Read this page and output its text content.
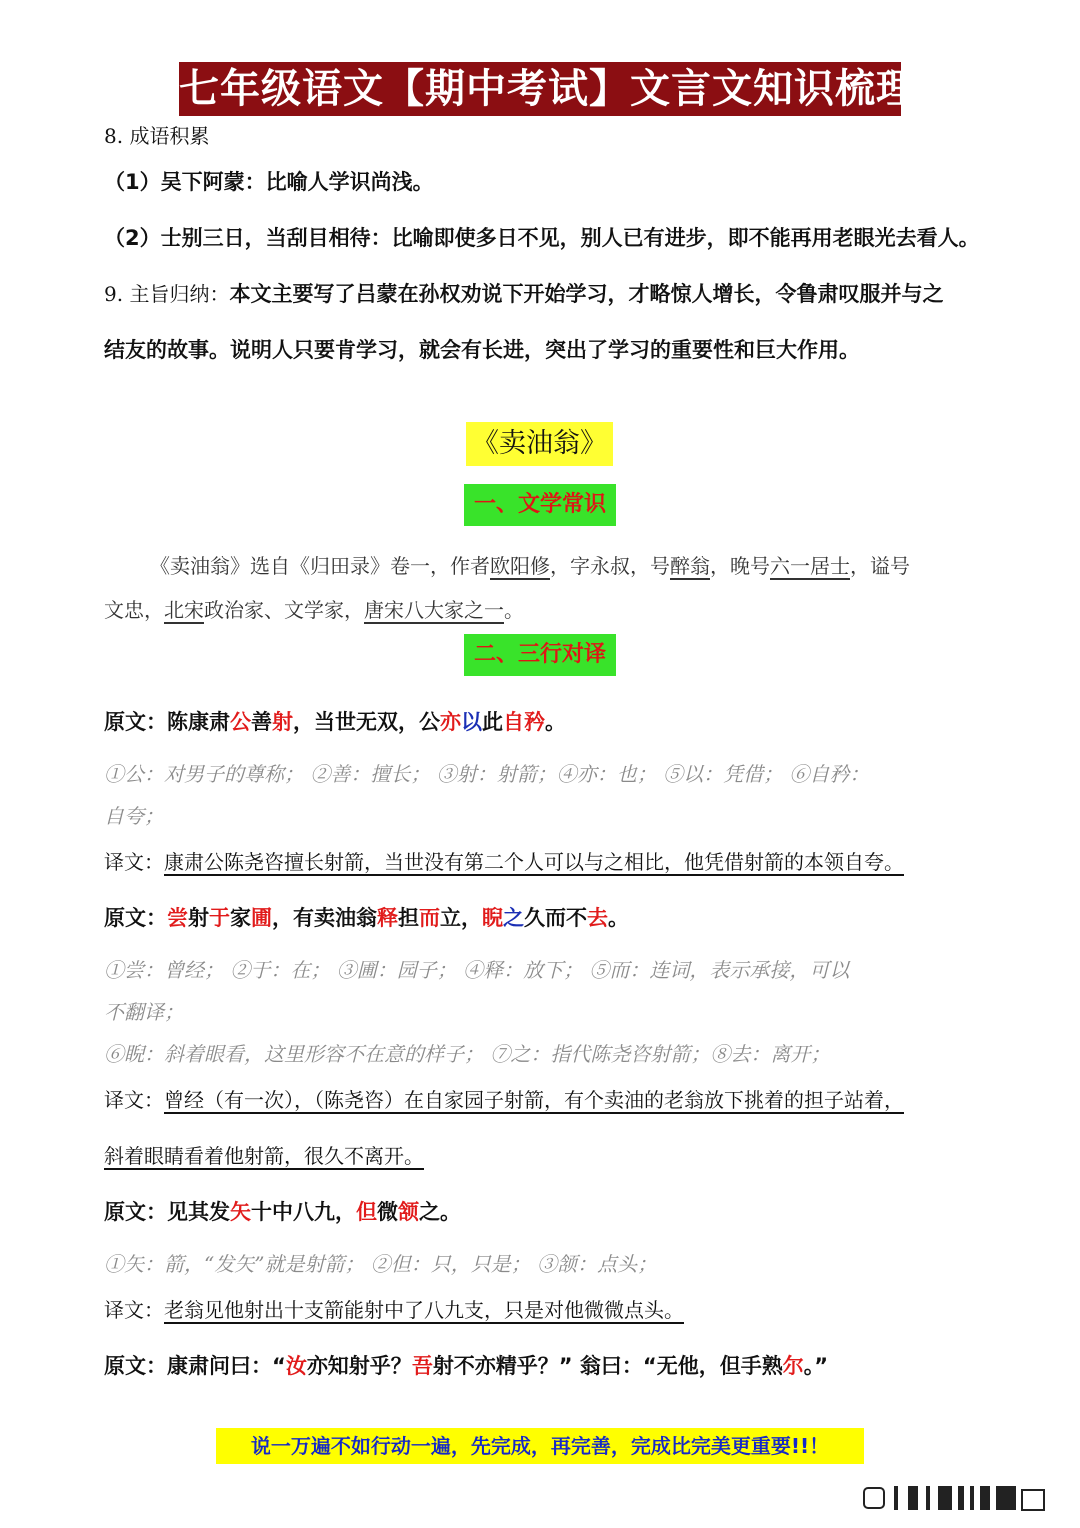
七年级语文【期中考试】文言文知识梳理
8. 成语积累
（1）吴下阿蒙：比喻人学识尚浅。
（2）士别三日，当刮目相待：比喻即使多日不见，别人已有进步，即不能再用老眼光去看人。
9. 主旨归纳：本文主要写了吕蒙在孙权劝说下开始学习，才略惊人增长，令鲁肃叹服并与之
结友的故事。说明人只要肯学习，就会有长进，突出了学习的重要性和巨大作用。
《卖油翁》
一、文学常识
《卖油翁》选自《归田录》卷一，作者欧阳修，字永叔，号醉翁，晚号六一居士，谥号
文忠，北宋政治家、文学家，唐宋八大家之一。
二、三行对译
原文：陈康肃公善射，当世无双，公亦以此自矜。
①公：对男子的尊称； ②善：擅长； ③射：射箭；④亦：也； ⑤以：凭借； ⑥自矜：
自夸；
译文：康肃公陈尧咨擅长射箭，当世没有第二个人可以与之相比，他凭借射箭的本领自夸。
原文：尝射于家圃，有卖油翁释担而立，睨之久而不去。
①尝：曾经； ②于：在； ③圃：园子； ④释：放下； ⑤而：连词，表示承接，可以
不翻译；
⑥睨：斜着眼看，这里形容不在意的样子； ⑦之：指代陈尧咨射箭；⑧去：离开；
译文：曾经（有一次），（陈尧咨）在自家园子射箭，有个卖油的老翁放下挑着的担子站着，
斜着眼睛看着他射箭，很久不离开。
原文：见其发矢十中八九，但微颔之。
①矢：箭，“发矢”就是射箭； ②但：只，只是； ③颔：点头；
译文：老翁见他射出十支箭能射中了八九支，只是对他微微点头。
原文：康肃问曰：“汝亦知射乎？吾射不亦精乎？” 翁曰：“无他，但手熟尔。”
说一万遍不如行动一遍，先完成，再完善，完成比完美更重要!!！
